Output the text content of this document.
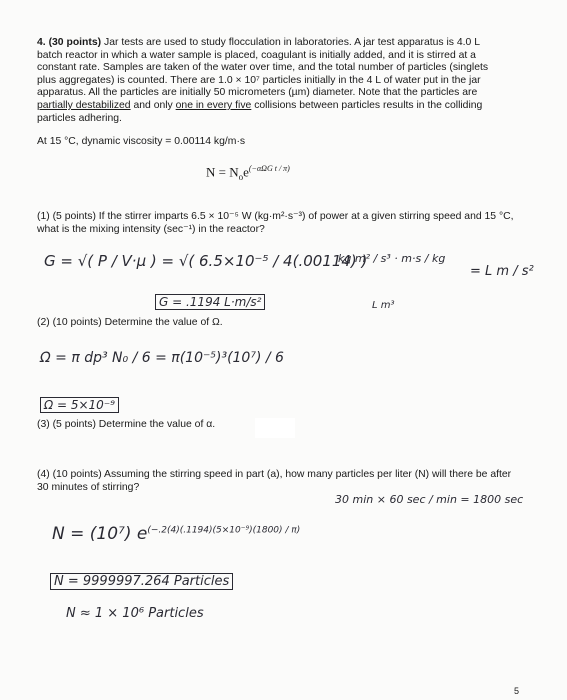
4. (30 points) Jar tests are used to study flocculation in laboratories. A jar test apparatus is 4.0 L batch reactor in which a water sample is placed, coagulant is initially added, and it is stirred at a constant rate. Samples are taken of the water over time, and the total number of particles (singlets plus aggregates) is counted. There are 1.0 × 10⁷ particles initially in the 4 L of water put in the jar apparatus. All the particles are initially 50 micrometers (µm) diameter. Note that the particles are partially destabilized and only one in every five collisions between particles results in the colliding particles adhering.

At 15 °C, dynamic viscosity = 0.00114 kg/m·s
$N = N_oe^{(-\alpha\Omega G t / \pi)}$
(1) (5 points) If the stirrer imparts 6.5 × 10⁻⁵ W (kg·m²·s⁻³) of power at a given stirring speed and 15 °C, what is the mixing intensity (sec⁻¹) in the reactor?
G = √( P / V·µ ) = √( 6.5×10⁻⁵ / 4(.00114) )
G = .1194 L·m/s²
kg m² / s³ · m·s / kg
L m³
= L m / s²
(2) (10 points) Determine the value of Ω.
Ω = π dp³ N₀ / 6 = π(10⁻⁵)³(10⁷) / 6
Ω = 5×10⁻⁹
(3) (5 points) Determine the value of α.
(4) (10 points) Assuming the stirring speed in part (a), how many particles per liter (N) will there be after 30 minutes of stirring?
30 min × 60 sec / min = 1800 sec
N = (10⁷) $e^{(-.2(4)(.1194)(5\times 10^{-9})(1800) / \pi)}$
N = 9999997.264 Particles
N ≈ 1 × 10⁶ Particles
5
